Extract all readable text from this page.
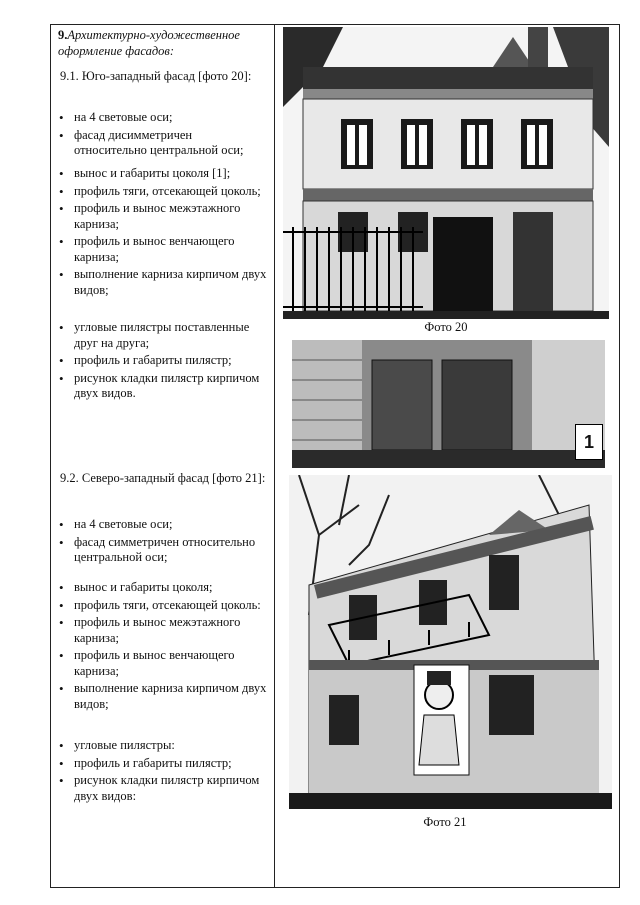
9.Архитектурно-художественное оформление фасадов:
9.1. Юго-западный фасад [фото 20]:
• на 4 световые оси;
• фасад дисимметричен относительно центральной оси;
• вынос и габариты цоколя [1];
• профиль тяги, отсекающей цоколь;
• профиль и вынос межэтажного карниза;
• профиль и вынос венчающего карниза;
• выполнение карниза кирпичом двух видов;
• угловые пилястры поставленные друг на друга;
• профиль и габариты пилястр;
• рисунок кладки пилястр кирпичом двух видов.
9.2. Северо-западный фасад [фото 21]:
• на 4 световые оси;
• фасад симметричен относительно центральной оси;
• вынос и габариты цоколя;
• профиль тяги, отсекающей цоколь:
• профиль и вынос межэтажного карниза;
• профиль и вынос венчающего карниза;
• выполнение карниза кирпичом двух видов;
• угловые пилястры:
• профиль и габариты пилястр;
• рисунок кладки пилястр кирпичом двух видов:
Фото 20
1
Фото 21
